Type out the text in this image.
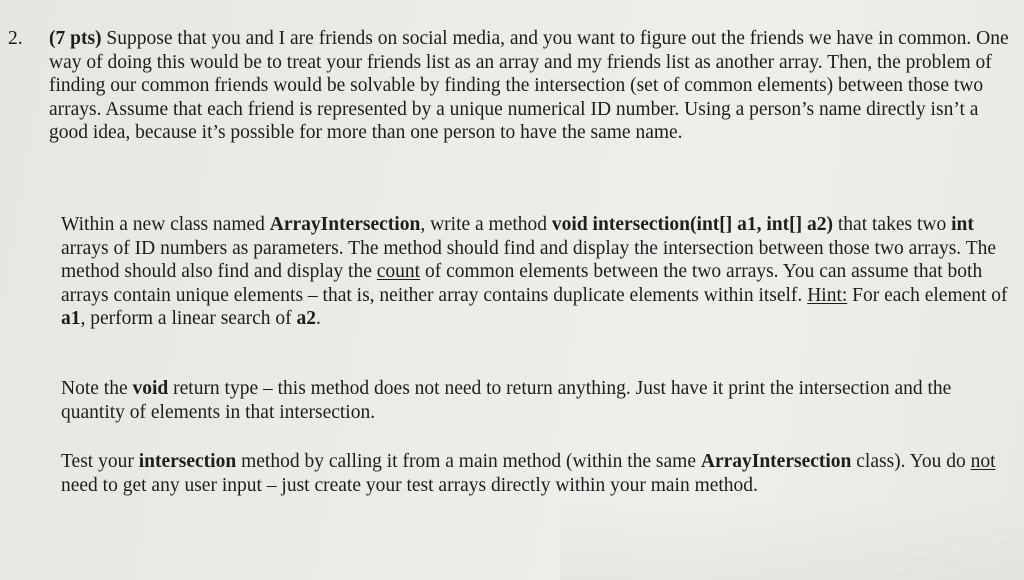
2.	(7 pts) Suppose that you and I are friends on social media, and you want to figure out the friends we have in common. One way of doing this would be to treat your friends list as an array and my friends list as another array. Then, the problem of finding our common friends would be solvable by finding the intersection (set of common elements) between those two arrays. Assume that each friend is represented by a unique numerical ID number. Using a person’s name directly isn’t a good idea, because it’s possible for more than one person to have the same name.
Within a new class named ArrayIntersection, write a method void intersection(int[] a1, int[] a2) that takes two int arrays of ID numbers as parameters. The method should find and display the intersection between those two arrays. The method should also find and display the count of common elements between the two arrays. You can assume that both arrays contain unique elements – that is, neither array contains duplicate elements within itself. Hint: For each element of a1, perform a linear search of a2.
Note the void return type – this method does not need to return anything. Just have it print the intersection and the quantity of elements in that intersection.
Test your intersection method by calling it from a main method (within the same ArrayIntersection class). You do not need to get any user input – just create your test arrays directly within your main method.
